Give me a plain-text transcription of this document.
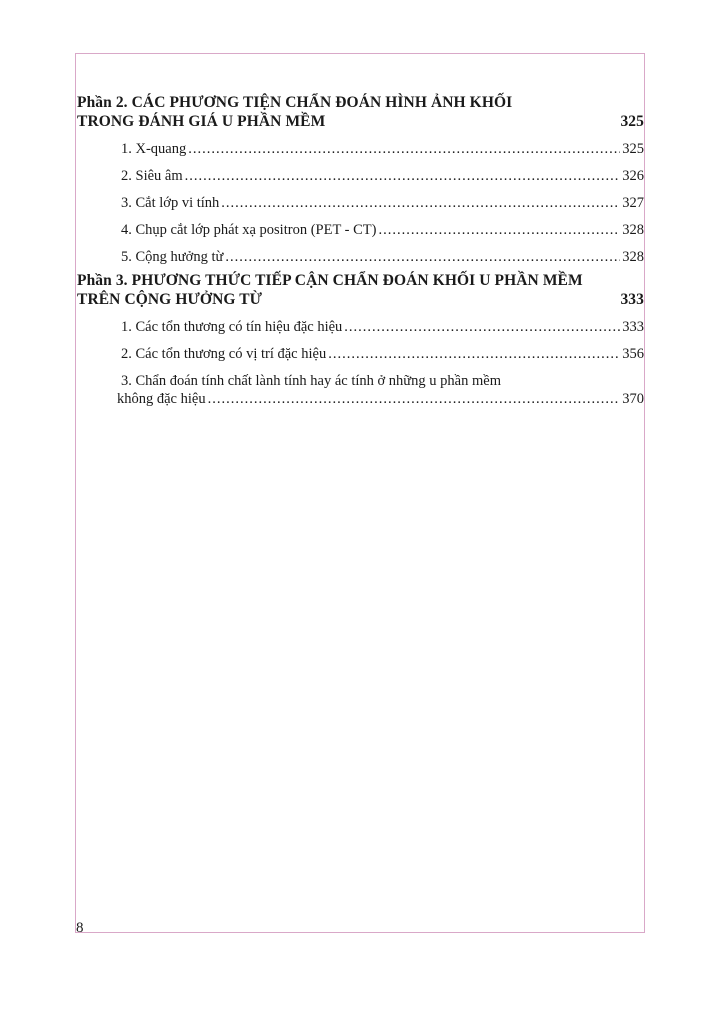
Phần 2. CÁC PHƯƠNG TIỆN CHẨN ĐOÁN HÌNH ẢNH KHỐI
TRONG ĐÁNH GIÁ U PHẦN MỀM	325
1. X-quang .....	325
2. Siêu âm .....	326
3. Cắt lớp vi tính .....	327
4. Chụp cắt lớp phát xạ positron (PET - CT) .....	328
5. Cộng hưởng từ .....	328
Phần 3. PHƯƠNG THỨC TIẾP CẬN CHẨN ĐOÁN KHỐI U PHẦN MỀM
TRÊN CỘNG HƯỞNG TỪ	333
1. Các tổn thương có tín hiệu đặc hiệu .....	333
2. Các tổn thương có vị trí đặc hiệu .....	356
3. Chẩn đoán tính chất lành tính hay ác tính ở những u phần mềm
không đặc hiệu .....	370
8
